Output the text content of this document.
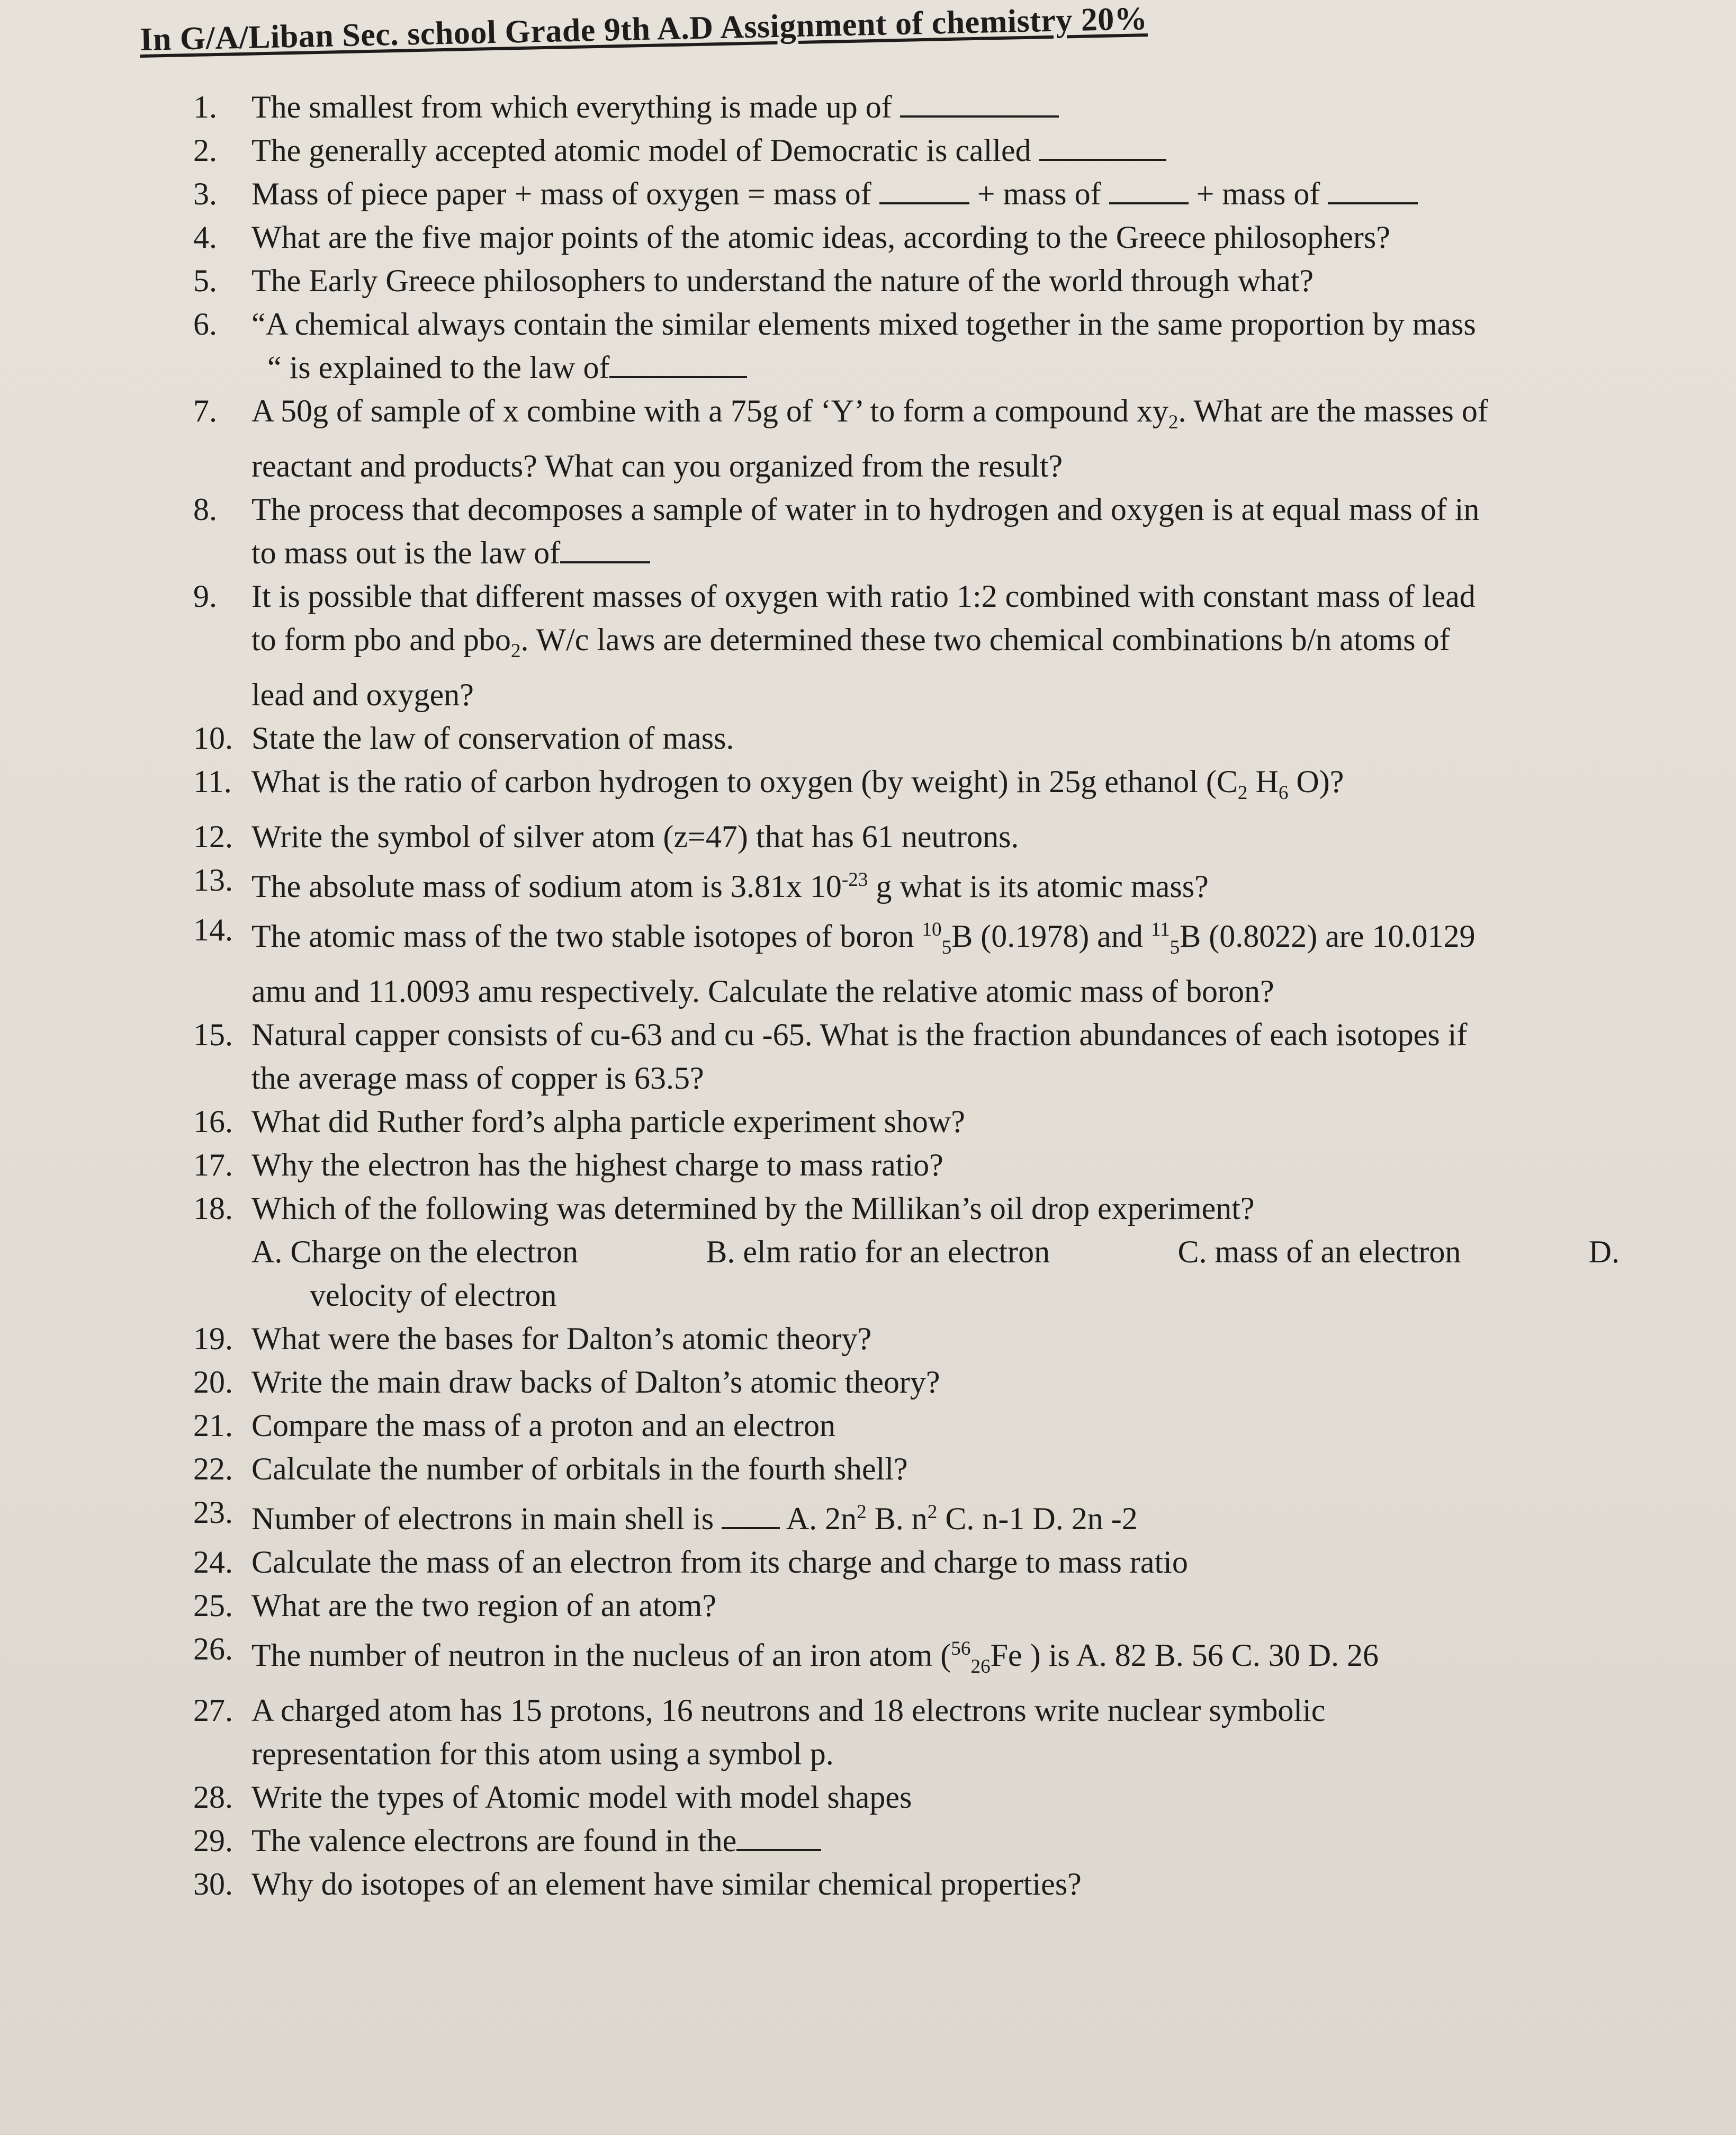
In G/A/Liban Sec. school Grade 9th A.D Assignment of chemistry 20%
1.	The smallest from which everything is made up of
2.	The generally accepted atomic model of Democratic is called
3.	Mass of piece paper + mass of oxygen = mass of	+ mass of	+ mass of
4.	What are the five major points of the atomic ideas, according to the Greece philosophers?
5.	The Early Greece philosophers to understand the nature of the world through what?
6.	“A chemical always contain the similar elements mixed together in the same proportion by mass
“ is explained to the law of
7.	A 50g of sample of x combine with a 75g of ‘Y’ to form a compound $xy_2$. What are the masses of
reactant and products? What can you organized from the result?
8.	The process that decomposes a sample of water in to hydrogen and oxygen is at equal mass of in
to mass out is the law of
9.	It is possible that different masses of oxygen with ratio 1:2 combined with constant mass of lead
to form pbo and pbo$_2$. W/c laws are determined these two chemical combinations b/n atoms of
lead and oxygen?
10. State the law of conservation of mass.
11. What is the ratio of carbon hydrogen to oxygen (by weight) in 25g ethanol ($C_2$ $H_6$ O)?
12. Write the symbol of silver atom (z=47) that has 61 neutrons.
13. The absolute mass of sodium atom is 3.81x $10^{-23}$ g what is its atomic mass?
14. The atomic mass of the two stable isotopes of boron $^{10}_5$B (0.1978) and $^{11}_5$B (0.8022) are 10.0129
amu and 11.0093 amu respectively. Calculate the relative atomic mass of boron?
15. Natural capper consists of cu-63 and cu -65. What is the fraction abundances of each isotopes if
the average mass of copper is 63.5?
16. What did Ruther ford’s alpha particle experiment show?
17. Why the electron has the highest charge to mass ratio?
18. Which of the following was determined by the Millikan’s oil drop experiment?
A. Charge on the electron	B. elm ratio for an electron	C. mass of an electron	D.
velocity of electron
19. What were the bases for Dalton’s atomic theory?
20. Write the main draw backs of Dalton’s atomic theory?
21. Compare the mass of a proton and an electron
22. Calculate the number of orbitals in the fourth shell?
23. Number of electrons in main shell is  A. $2n^2$ B. $n^2$ C. n-1 D. 2n -2
24. Calculate the mass of an electron from its charge and charge to mass ratio
25. What are the two region of an atom?
26. The number of neutron in the nucleus of an iron atom ($^{56}_{26}$Fe ) is A. 82 B. 56 C. 30 D. 26
27. A charged atom has 15 protons, 16 neutrons and 18 electrons write nuclear symbolic
representation for this atom using a symbol p.
28. Write the types of Atomic model with model shapes
29. The valence electrons are found in the
30. Why do isotopes of an element have similar chemical properties?
